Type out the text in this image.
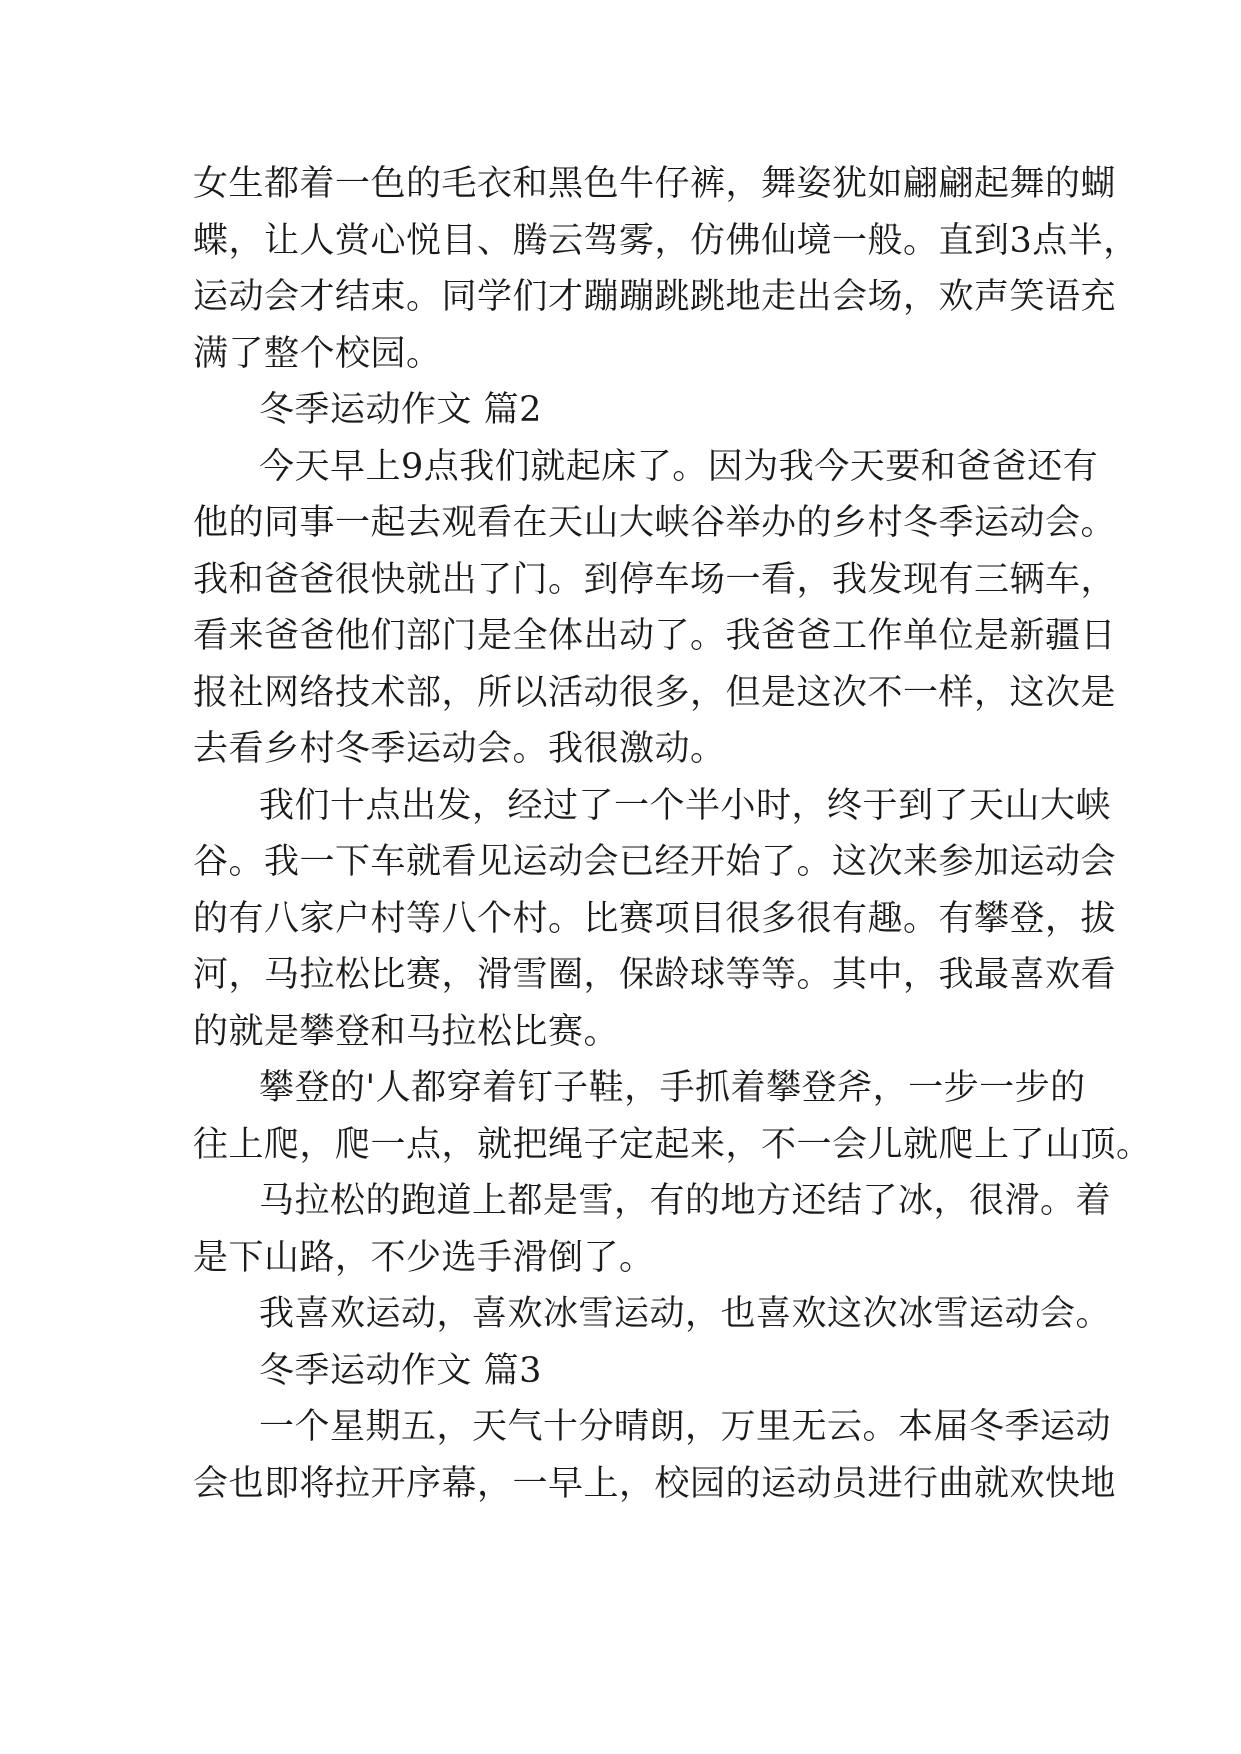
女生都着一色的毛衣和黑色牛仔裤，舞姿犹如翩翩起舞的蝴
蝶，让人赏心悦目、腾云驾雾，仿佛仙境一般。直到3点半，
运动会才结束。同学们才蹦蹦跳跳地走出会场，欢声笑语充
满了整个校园。
冬季运动作文 篇2
今天早上9点我们就起床了。因为我今天要和爸爸还有
他的同事一起去观看在天山大峡谷举办的乡村冬季运动会。
我和爸爸很快就出了门。到停车场一看，我发现有三辆车，
看来爸爸他们部门是全体出动了。我爸爸工作单位是新疆日
报社网络技术部，所以活动很多，但是这次不一样，这次是
去看乡村冬季运动会。我很激动。
我们十点出发，经过了一个半小时，终于到了天山大峡
谷。我一下车就看见运动会已经开始了。这次来参加运动会
的有八家户村等八个村。比赛项目很多很有趣。有攀登，拔
河，马拉松比赛，滑雪圈，保龄球等等。其中，我最喜欢看
的就是攀登和马拉松比赛。
攀登的'人都穿着钉子鞋，手抓着攀登斧，一步一步的
往上爬，爬一点，就把绳子定起来，不一会儿就爬上了山顶。
马拉松的跑道上都是雪，有的地方还结了冰，很滑。着
是下山路，不少选手滑倒了。
我喜欢运动，喜欢冰雪运动，也喜欢这次冰雪运动会。
冬季运动作文 篇3
一个星期五，天气十分晴朗，万里无云。本届冬季运动
会也即将拉开序幕，一早上，校园的运动员进行曲就欢快地
